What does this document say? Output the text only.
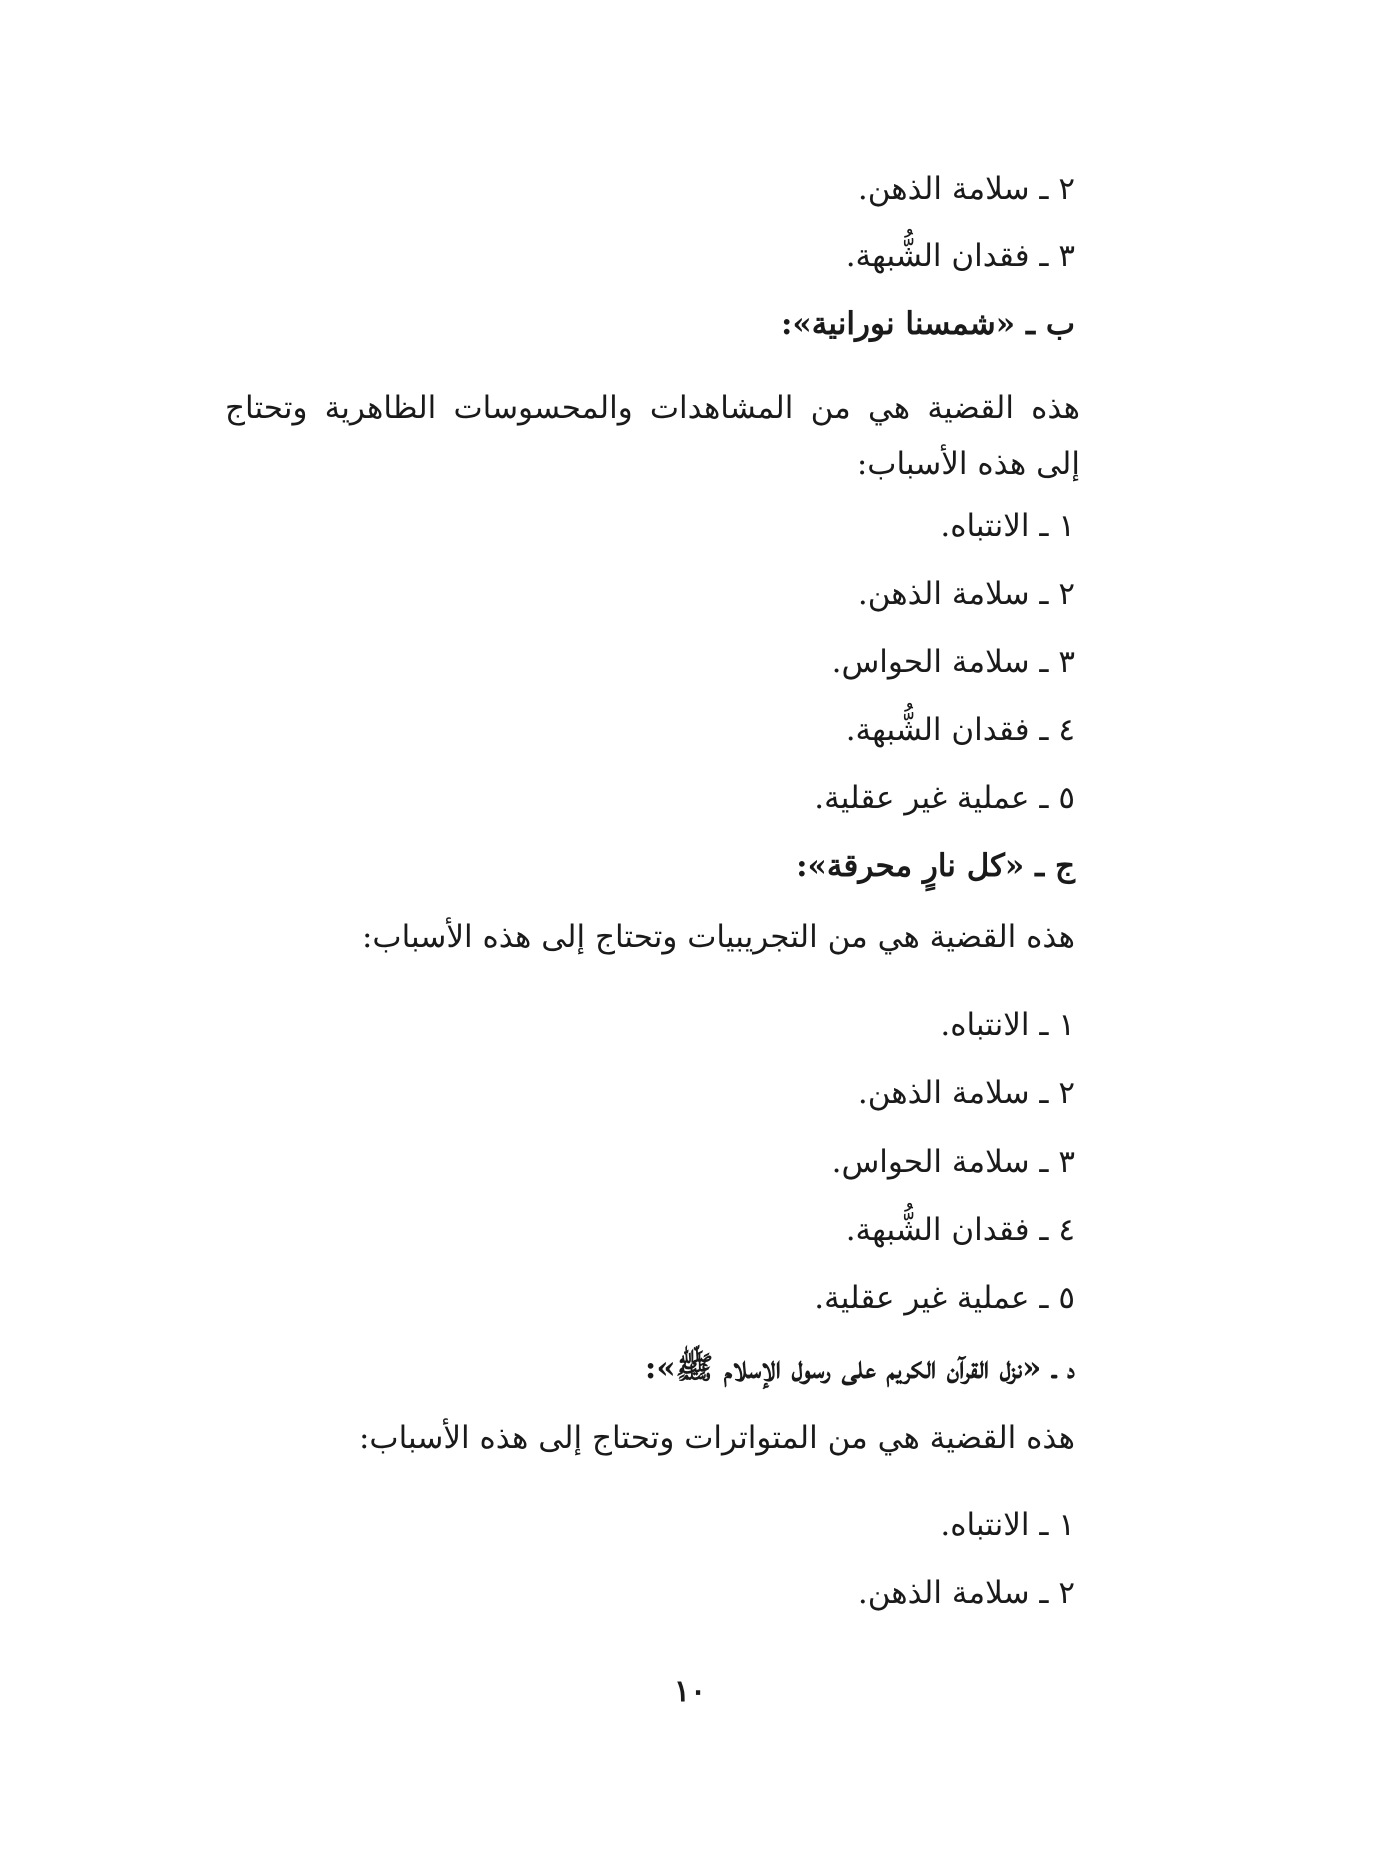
٢ ـ سلامة الذهن.
٣ ـ فقدان الشُّبهة.
ب ـ «شمسنا نورانية»:
هذه القضية هي من المشاهدات والمحسوسات الظاهرية وتحتاج إلى هذه الأسباب:
١ ـ الانتباه.
٢ ـ سلامة الذهن.
٣ ـ سلامة الحواس.
٤ ـ فقدان الشُّبهة.
٥ ـ عملية غير عقلية.
ج ـ «كل نارٍ محرقة»:
هذه القضية هي من التجريبيات وتحتاج إلى هذه الأسباب:
١ ـ الانتباه.
٢ ـ سلامة الذهن.
٣ ـ سلامة الحواس.
٤ ـ فقدان الشُّبهة.
٥ ـ عملية غير عقلية.
د ـ «نزل القرآن الكريم على رسول الإسلام ﷺ»:
هذه القضية هي من المتواترات وتحتاج إلى هذه الأسباب:
١ ـ الانتباه.
٢ ـ سلامة الذهن.
١٠
